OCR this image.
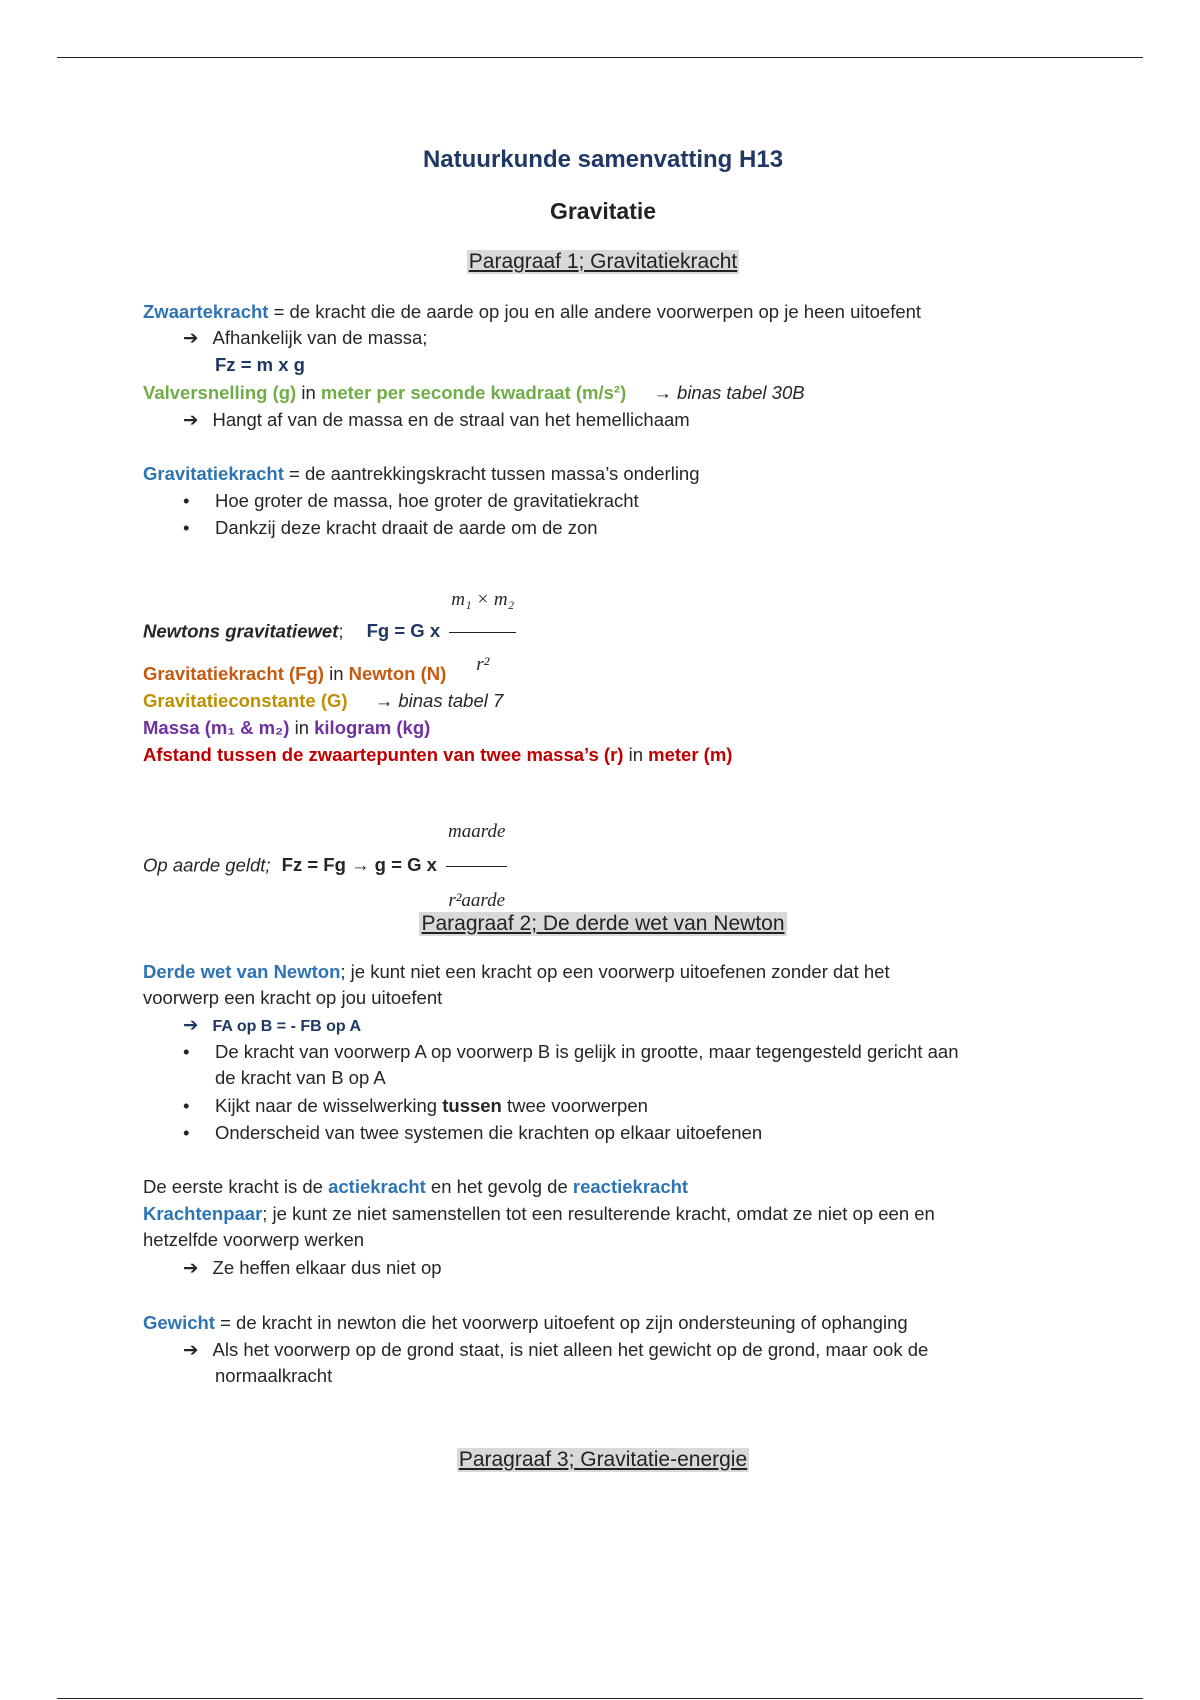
Natuurkunde samenvatting H13
Gravitatie
Paragraaf 1; Gravitatiekracht
Zwaartekracht = de kracht die de aarde op jou en alle andere voorwerpen op je heen uitoefent
➔ Afhankelijk van de massa;
Fz = m x g
Valversnelling (g) in meter per seconde kwadraat (m/s²) → binas tabel 30B
➔ Hangt af van de massa en de straal van het hemellichaam
Gravitatiekracht = de aantrekkingskracht tussen massa’s onderling
• Hoe groter de massa, hoe groter de gravitatiekracht
• Dankzij deze kracht draait de aarde om de zon
Newtons gravitatiewet; Fg = G x $\frac{\text{m₁ × m₂}}{\text{r²}}$
Gravitatiekracht (Fg) in Newton (N)
Gravitatieconstante (G) → binas tabel 7
Massa (m₁ & m₂) in kilogram (kg)
Afstand tussen de zwaartepunten van twee massa’s (r) in meter (m)
Op aarde geldt; Fz = Fg → g = G x $\frac{\text{maarde}}{\text{r²aarde}}$
Paragraaf 2; De derde wet van Newton
Derde wet van Newton; je kunt niet een kracht op een voorwerp uitoefenen zonder dat het
voorwerp een kracht op jou uitoefent
➔ FA op B = - FB op A
• De kracht van voorwerp A op voorwerp B is gelijk in grootte, maar tegengesteld gericht aan
de kracht van B op A
• Kijkt naar de wisselwerking tussen twee voorwerpen
• Onderscheid van twee systemen die krachten op elkaar uitoefenen
De eerste kracht is de actiekracht en het gevolg de reactiekracht
Krachtenpaar; je kunt ze niet samenstellen tot een resulterende kracht, omdat ze niet op een en
hetzelfde voorwerp werken
➔ Ze heffen elkaar dus niet op
Gewicht = de kracht in newton die het voorwerp uitoefent op zijn ondersteuning of ophanging
➔ Als het voorwerp op de grond staat, is niet alleen het gewicht op de grond, maar ook de
normaalkracht
Paragraaf 3; Gravitatie-energie
